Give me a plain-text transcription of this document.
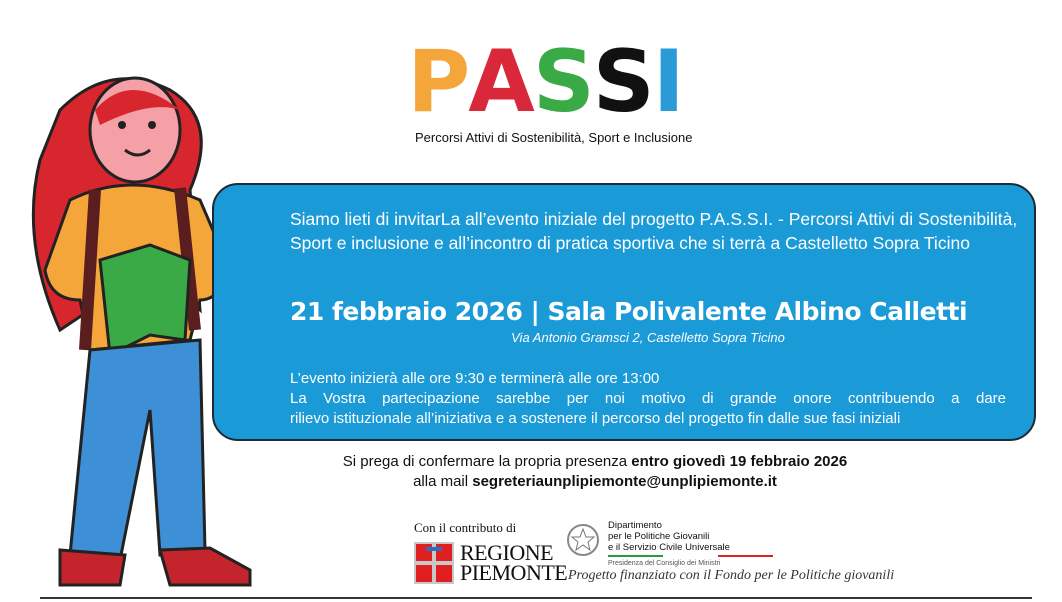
P A S S I
Percorsi Attivi di Sostenibilità, Sport e Inclusione
Siamo lieti di invitarLa all’evento iniziale del progetto P.A.S.S.I. - Percorsi Attivi di Sostenibilità, Sport e inclusione e all’incontro di pratica sportiva che si terrà a Castelletto Sopra Ticino
21 febbraio 2026 | Sala Polivalente Albino Calletti
Via Antonio Gramsci 2, Castelletto Sopra Ticino

L’evento inizierà alle ore 9:30 e terminerà alle ore 13:00

La Vostra partecipazione sarebbe per noi motivo di grande onore contribuendo a dare

rilievo istituzionale all’iniziativa e a sostenere il percorso del progetto fin dalle sue fasi iniziali

Si prega di confermare la propria presenza entro giovedì 19 febbraio 2026
alla mail segreteriaunplipiemonte@unplipiemonte.it
Con il contributo di
REGIONE
PIEMONTE
Dipartimento
per le Politiche Giovanili
e il Servizio Civile Universale
Presidenza del Consiglio dei Ministri
Progetto finanziato con il Fondo per le Politiche giovanili
